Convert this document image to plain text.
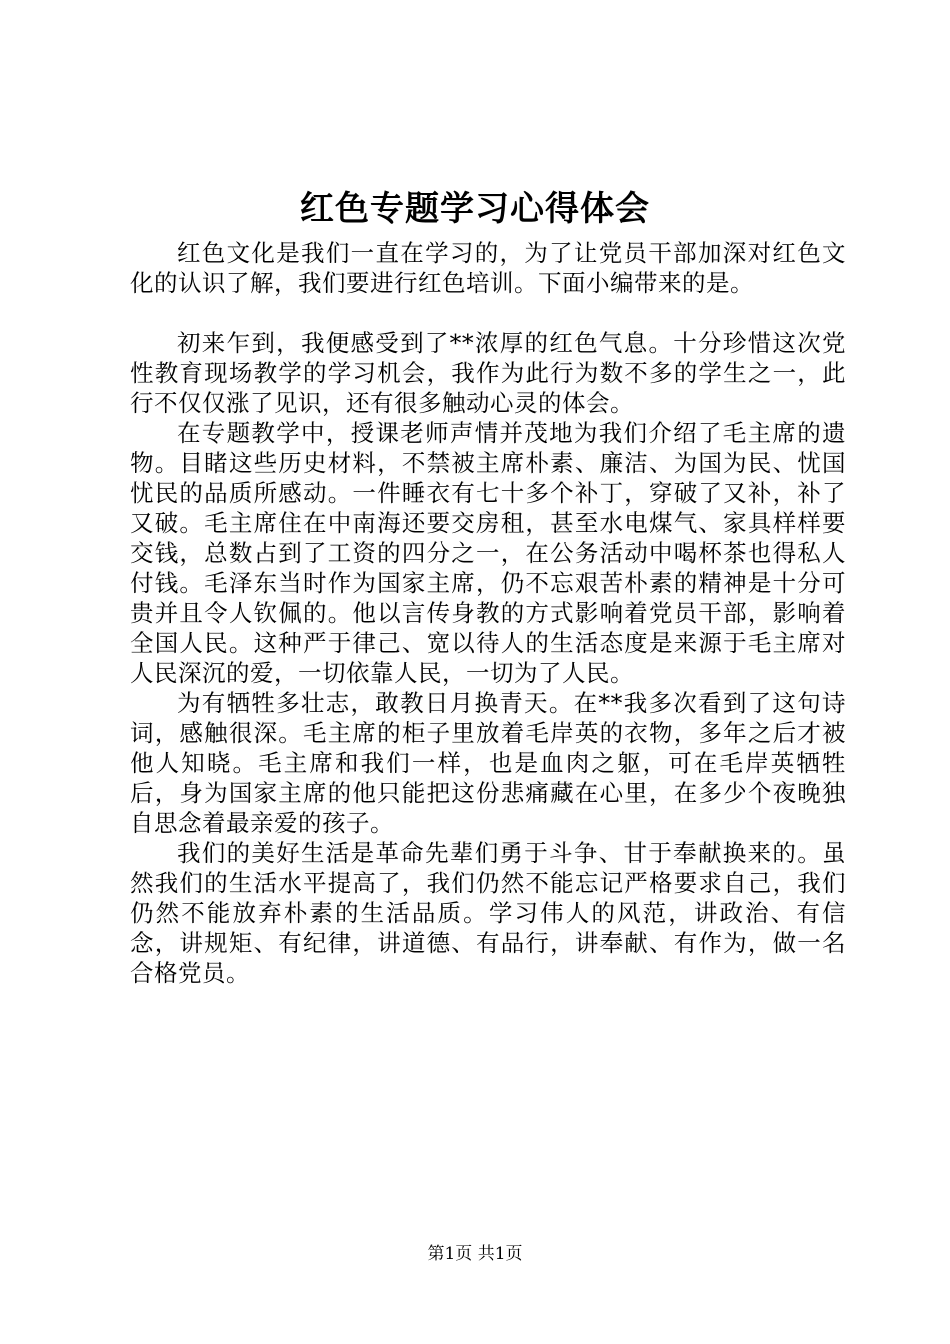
红色专题学习心得体会

红色文化是我们一直在学习的，为了让党员干部加深对红色文化的认识了解，我们要进行红色培训。下面小编带来的是。

初来乍到，我便感受到了**浓厚的红色气息。十分珍惜这次党性教育现场教学的学习机会，我作为此行为数不多的学生之一，此行不仅仅涨了见识，还有很多触动心灵的体会。

在专题教学中，授课老师声情并茂地为我们介绍了毛主席的遗物。目睹这些历史材料，不禁被主席朴素、廉洁、为国为民、忧国忧民的品质所感动。一件睡衣有七十多个补丁，穿破了又补，补了又破。毛主席住在中南海还要交房租，甚至水电煤气、家具样样要交钱，总数占到了工资的四分之一，在公务活动中喝杯茶也得私人付钱。毛泽东当时作为国家主席，仍不忘艰苦朴素的精神是十分可贵并且令人钦佩的。他以言传身教的方式影响着党员干部，影响着全国人民。这种严于律己、宽以待人的生活态度是来源于毛主席对人民深沉的爱，一切依靠人民，一切为了人民。

为有牺牲多壮志，敢教日月换青天。在**我多次看到了这句诗词，感触很深。毛主席的柜子里放着毛岸英的衣物，多年之后才被他人知晓。毛主席和我们一样，也是血肉之躯，可在毛岸英牺牲后，身为国家主席的他只能把这份悲痛藏在心里，在多少个夜晚独自思念着最亲爱的孩子。

我们的美好生活是革命先辈们勇于斗争、甘于奉献换来的。虽然我们的生活水平提高了，我们仍然不能忘记严格要求自己，我们仍然不能放弃朴素的生活品质。学习伟人的风范，讲政治、有信念，讲规矩、有纪律，讲道德、有品行，讲奉献、有作为，做一名合格党员。

第1页 共1页
